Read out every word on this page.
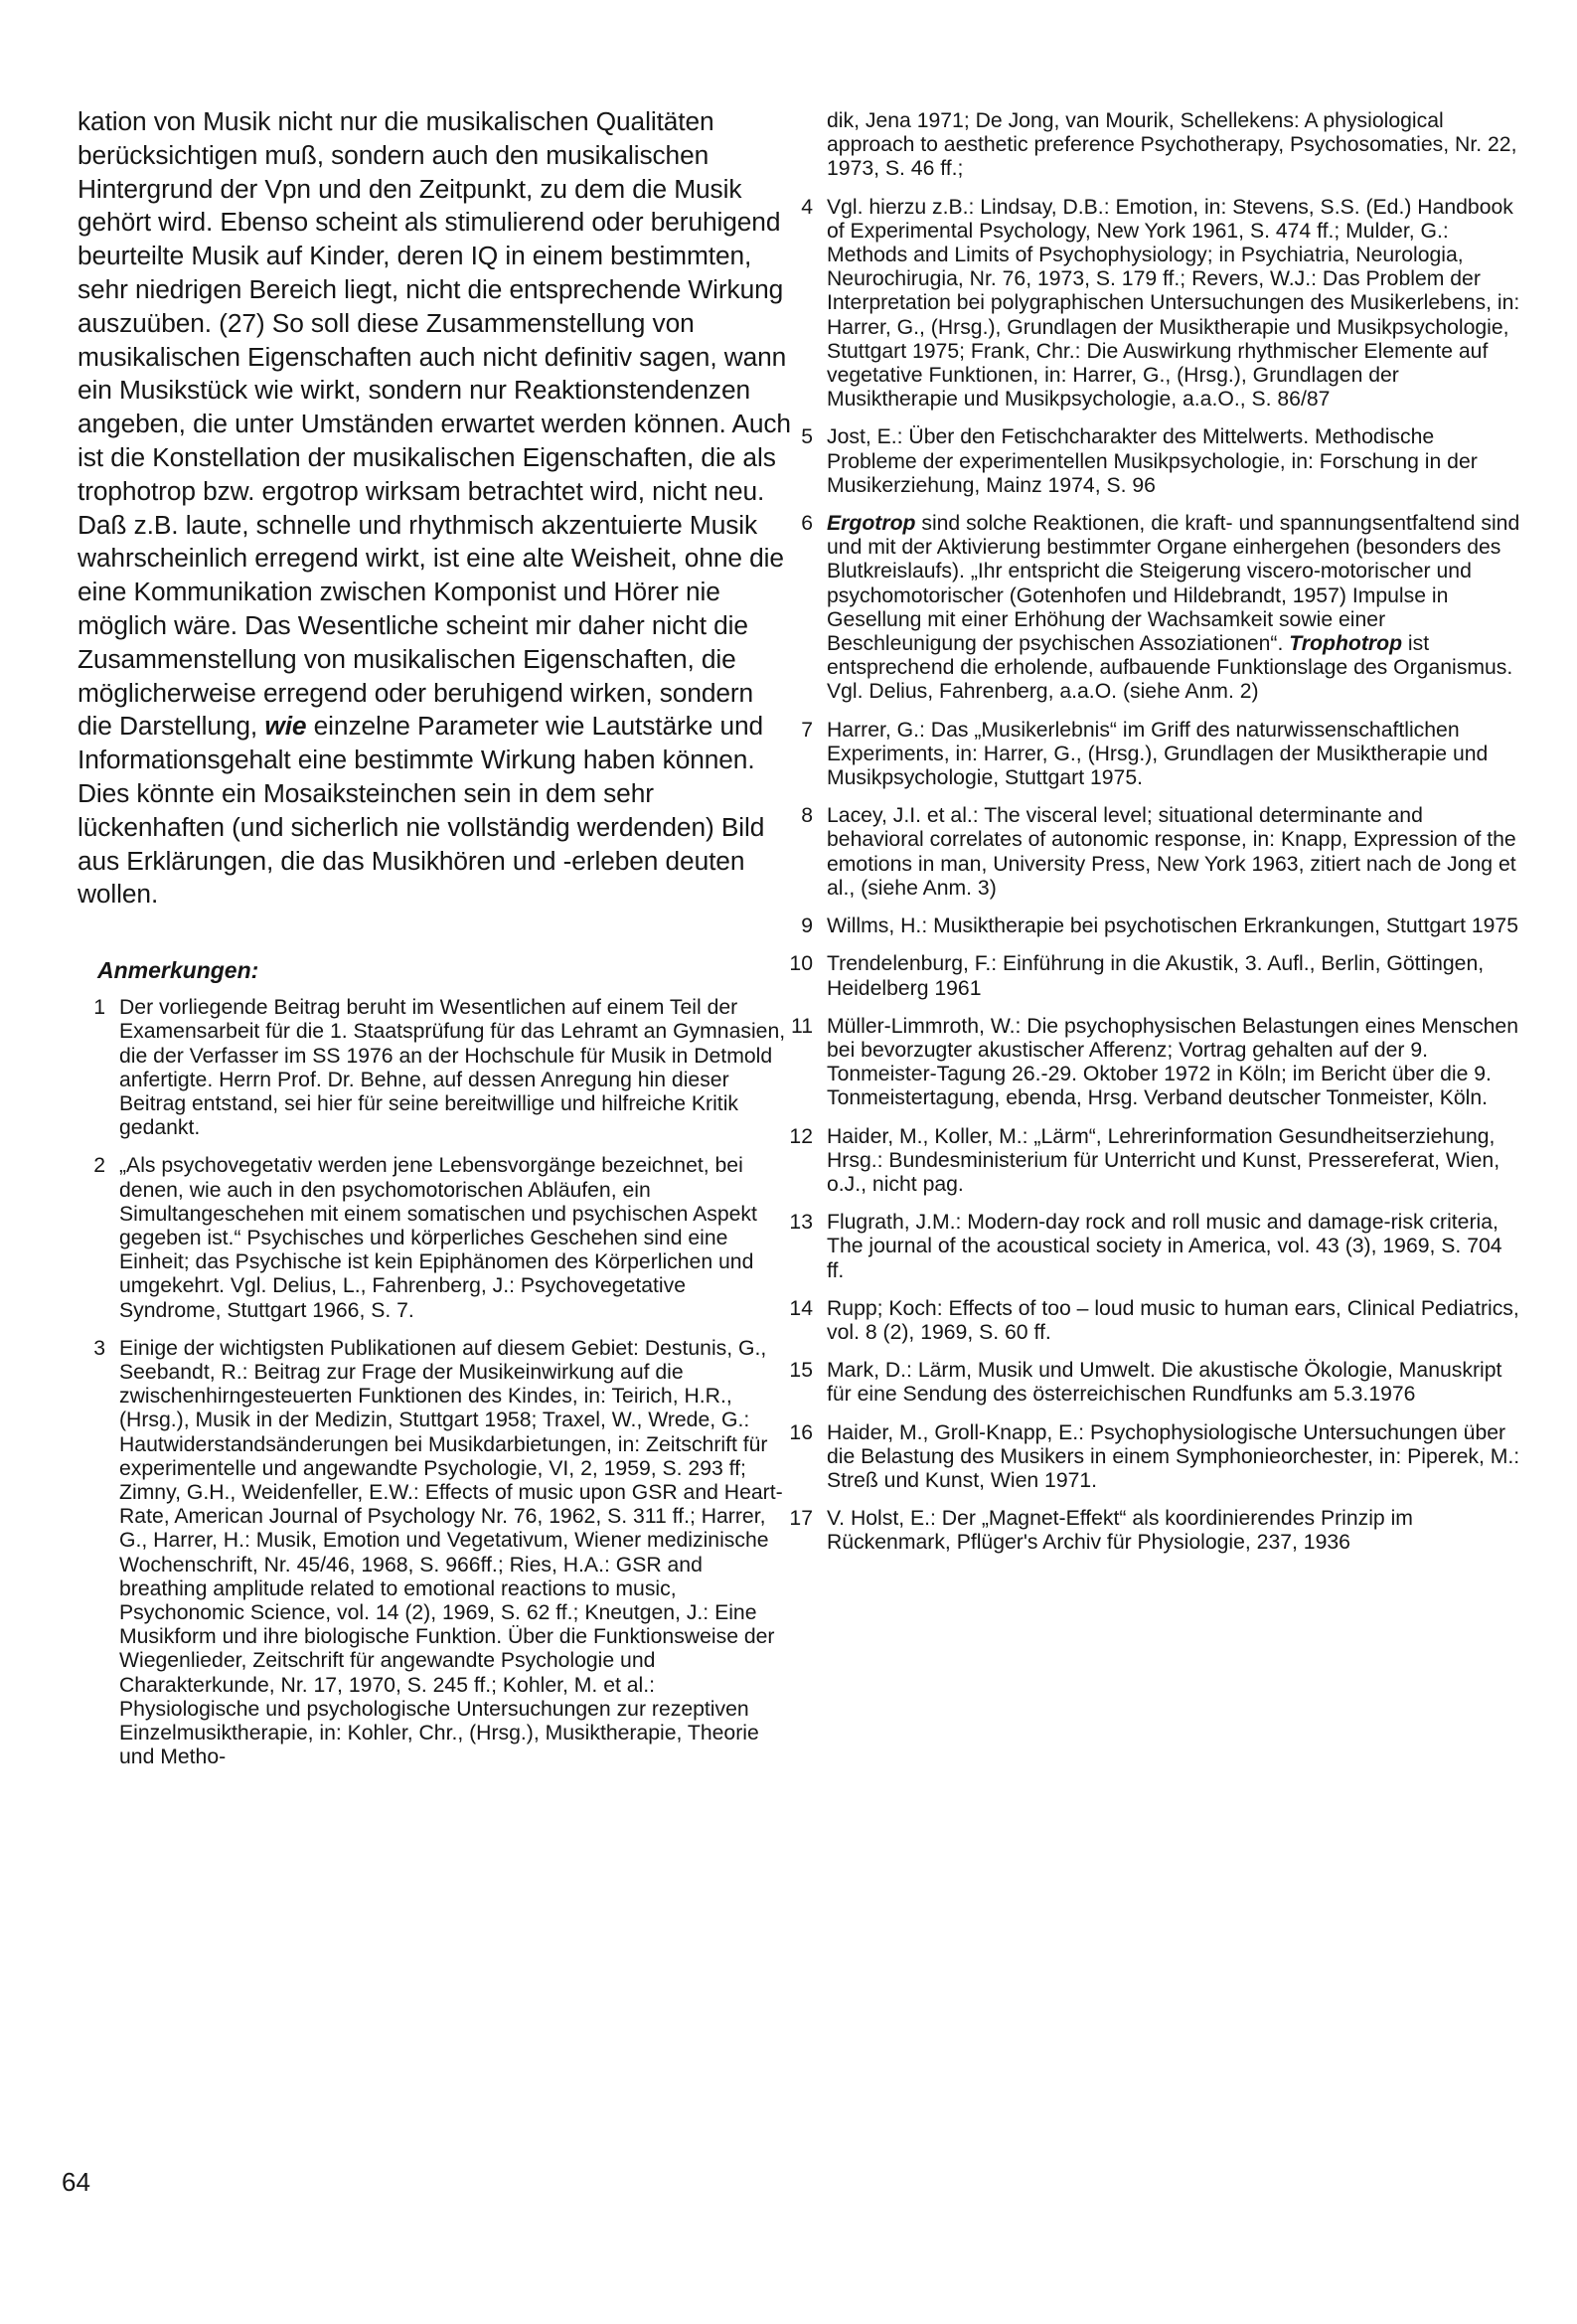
kation von Musik nicht nur die musikalischen Qualitäten berücksichtigen muß, sondern auch den musikalischen Hintergrund der Vpn und den Zeitpunkt, zu dem die Musik gehört wird. Ebenso scheint als stimulierend oder beruhigend beurteilte Musik auf Kinder, deren IQ in einem bestimmten, sehr niedrigen Bereich liegt, nicht die entsprechende Wirkung auszuüben. (27) So soll diese Zusammenstellung von musikalischen Eigenschaften auch nicht definitiv sagen, wann ein Musikstück wie wirkt, sondern nur Reaktionstendenzen angeben, die unter Umständen erwartet werden können. Auch ist die Konstellation der musikalischen Eigenschaften, die als trophotrop bzw. ergotrop wirksam betrachtet wird, nicht neu. Daß z.B. laute, schnelle und rhythmisch akzentuierte Musik wahrscheinlich erregend wirkt, ist eine alte Weisheit, ohne die eine Kommunikation zwischen Komponist und Hörer nie möglich wäre. Das Wesentliche scheint mir daher nicht die Zusammenstellung von musikalischen Eigenschaften, die möglicherweise erregend oder beruhigend wirken, sondern die Darstellung, wie einzelne Parameter wie Lautstärke und Informationsgehalt eine bestimmte Wirkung haben können. Dies könnte ein Mosaiksteinchen sein in dem sehr lückenhaften (und sicherlich nie vollständig werdenden) Bild aus Erklärungen, die das Musikhören und -erleben deuten wollen.

Anmerkungen:
1 Der vorliegende Beitrag beruht im Wesentlichen auf einem Teil der Examensarbeit für die 1. Staatsprüfung für das Lehramt an Gymnasien, die der Verfasser im SS 1976 an der Hochschule für Musik in Detmold anfertigte. Herrn Prof. Dr. Behne, auf dessen Anregung hin dieser Beitrag entstand, sei hier für seine bereitwillige und hilfreiche Kritik gedankt.
2 „Als psychovegetativ werden jene Lebensvorgänge bezeichnet, bei denen, wie auch in den psychomotorischen Abläufen, ein Simultangeschehen mit einem somatischen und psychischen Aspekt gegeben ist.“ Psychisches und körperliches Geschehen sind eine Einheit; das Psychische ist kein Epiphänomen des Körperlichen und umgekehrt. Vgl. Delius, L., Fahrenberg, J.: Psychovegetative Syndrome, Stuttgart 1966, S. 7.
3 Einige der wichtigsten Publikationen auf diesem Gebiet: Destunis, G., Seebandt, R.: Beitrag zur Frage der Musikeinwirkung auf die zwischenhirngesteuerten Funktionen des Kindes, in: Teirich, H.R., (Hrsg.), Musik in der Medizin, Stuttgart 1958; Traxel, W., Wrede, G.: Hautwiderstandsänderungen bei Musikdarbietungen, in: Zeitschrift für experimentelle und angewandte Psychologie, VI, 2, 1959, S. 293 ff; Zimny, G.H., Weidenfeller, E.W.: Effects of music upon GSR and Heart-Rate, American Journal of Psychology Nr. 76, 1962, S. 311 ff.; Harrer, G., Harrer, H.: Musik, Emotion und Vegetativum, Wiener medizinische Wochenschrift, Nr. 45/46, 1968, S. 966ff.; Ries, H.A.: GSR and breathing amplitude related to emotional reactions to music, Psychonomic Science, vol. 14 (2), 1969, S. 62 ff.; Kneutgen, J.: Eine Musikform und ihre biologische Funktion. Über die Funktionsweise der Wiegenlieder, Zeitschrift für angewandte Psychologie und Charakterkunde, Nr. 17, 1970, S. 245 ff.; Kohler, M. et al.: Physiologische und psychologische Untersuchungen zur rezeptiven Einzelmusiktherapie, in: Kohler, Chr., (Hrsg.), Musiktherapie, Theorie und Metho-

dik, Jena 1971; De Jong, van Mourik, Schellekens: A physiological approach to aesthetic preference Psychotherapy, Psychosomaties, Nr. 22, 1973, S. 46 ff.;

4 Vgl. hierzu z.B.: Lindsay, D.B.: Emotion, in: Stevens, S.S. (Ed.) Handbook of Experimental Psychology, New York 1961, S. 474 ff.; Mulder, G.: Methods and Limits of Psychophysiology; in Psychiatria, Neurologia, Neurochirugia, Nr. 76, 1973, S. 179 ff.; Revers, W.J.: Das Problem der Interpretation bei polygraphischen Untersuchungen des Musikerlebens, in: Harrer, G., (Hrsg.), Grundlagen der Musiktherapie und Musikpsychologie, Stuttgart 1975; Frank, Chr.: Die Auswirkung rhythmischer Elemente auf vegetative Funktionen, in: Harrer, G., (Hrsg.), Grundlagen der Musiktherapie und Musikpsychologie, a.a.O., S. 86/87
5 Jost, E.: Über den Fetischcharakter des Mittelwerts. Methodische Probleme der experimentellen Musikpsychologie, in: Forschung in der Musikerziehung, Mainz 1974, S. 96
6 Ergotrop sind solche Reaktionen, die kraft- und spannungsentfaltend sind und mit der Aktivierung bestimmter Organe einhergehen (besonders des Blutkreislaufs). „Ihr entspricht die Steigerung viscero-motorischer und psychomotorischer (Gotenhofen und Hildebrandt, 1957) Impulse in Gesellung mit einer Erhöhung der Wachsamkeit sowie einer Beschleunigung der psychischen Assoziationen“. Trophotrop ist entsprechend die erholende, aufbauende Funktionslage des Organismus. Vgl. Delius, Fahrenberg, a.a.O. (siehe Anm. 2)
7 Harrer, G.: Das „Musikerlebnis“ im Griff des naturwissenschaftlichen Experiments, in: Harrer, G., (Hrsg.), Grundlagen der Musiktherapie und Musikpsychologie, Stuttgart 1975.
8 Lacey, J.I. et al.: The visceral level; situational determinante and behavioral correlates of autonomic response, in: Knapp, Expression of the emotions in man, University Press, New York 1963, zitiert nach de Jong et al., (siehe Anm. 3)
9 Willms, H.: Musiktherapie bei psychotischen Erkrankungen, Stuttgart 1975
10 Trendelenburg, F.: Einführung in die Akustik, 3. Aufl., Berlin, Göttingen, Heidelberg 1961
11 Müller-Limmroth, W.: Die psychophysischen Belastungen eines Menschen bei bevorzugter akustischer Afferenz; Vortrag gehalten auf der 9. Tonmeister-Tagung 26.-29. Oktober 1972 in Köln; im Bericht über die 9. Tonmeistertagung, ebenda, Hrsg. Verband deutscher Tonmeister, Köln.
12 Haider, M., Koller, M.: „Lärm“, Lehrerinformation Gesundheitserziehung, Hrsg.: Bundesministerium für Unterricht und Kunst, Pressereferat, Wien, o.J., nicht pag.
13 Flugrath, J.M.: Modern-day rock and roll music and damage-risk criteria, The journal of the acoustical society in America, vol. 43 (3), 1969, S. 704 ff.
14 Rupp; Koch: Effects of too – loud music to human ears, Clinical Pediatrics, vol. 8 (2), 1969, S. 60 ff.
15 Mark, D.: Lärm, Musik und Umwelt. Die akustische Ökologie, Manuskript für eine Sendung des österreichischen Rundfunks am 5.3.1976
16 Haider, M., Groll-Knapp, E.: Psychophysiologische Untersuchungen über die Belastung des Musikers in einem Symphonieorchester, in: Piperek, M.: Streß und Kunst, Wien 1971.
17 V. Holst, E.: Der „Magnet-Effekt“ als koordinierendes Prinzip im Rückenmark, Pflüger's Archiv für Physiologie, 237, 1936
64
